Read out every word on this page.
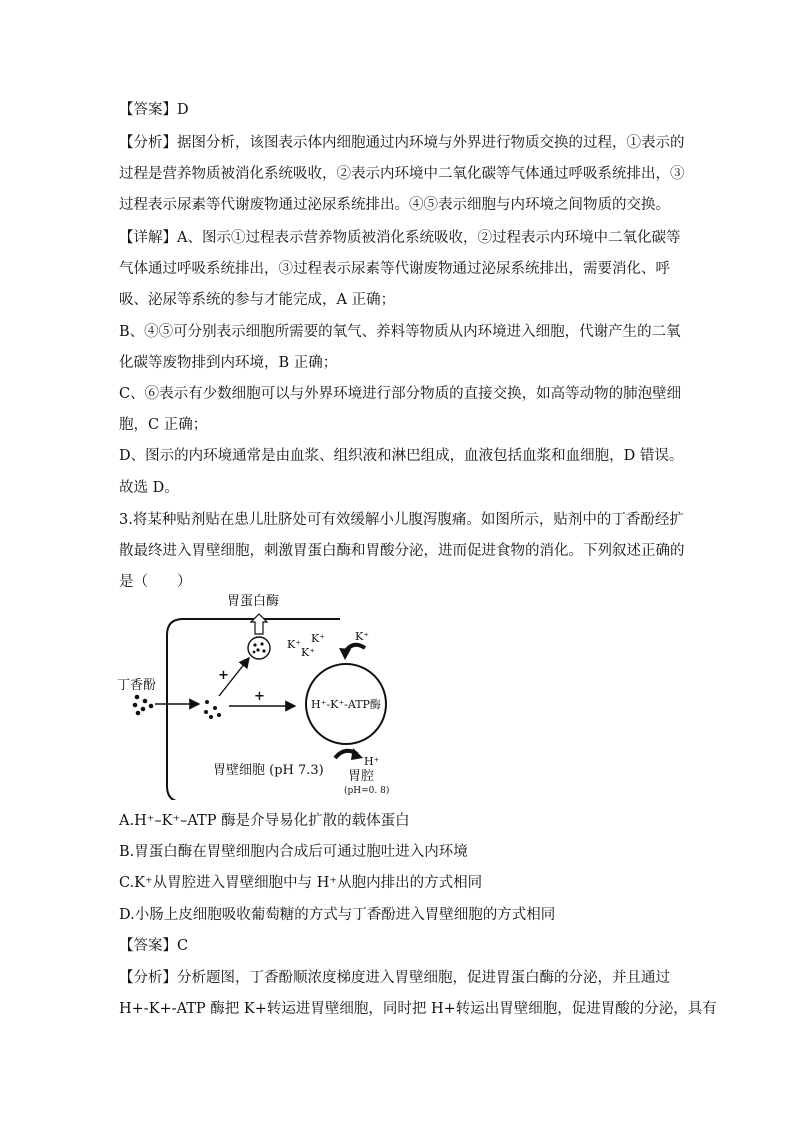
【答案】D
【分析】据图分析，该图表示体内细胞通过内环境与外界进行物质交换的过程，①表示的
过程是营养物质被消化系统吸收，②表示内环境中二氧化碳等气体通过呼吸系统排出，③
过程表示尿素等代谢废物通过泌尿系统排出。④⑤表示细胞与内环境之间物质的交换。
【详解】A、图示①过程表示营养物质被消化系统吸收，②过程表示内环境中二氧化碳等
气体通过呼吸系统排出，③过程表示尿素等代谢废物通过泌尿系统排出，需要消化、呼
吸、泌尿等系统的参与才能完成，A 正确；
B、④⑤可分别表示细胞所需要的氧气、养料等物质从内环境进入细胞，代谢产生的二氧
化碳等废物排到内环境，B 正确；
C、⑥表示有少数细胞可以与外界环境进行部分物质的直接交换，如高等动物的肺泡壁细
胞，C 正确；
D、图示的内环境通常是由血浆、组织液和淋巴组成，血液包括血浆和血细胞，D 错误。
故选 D。
3.将某种贴剂贴在患儿肚脐处可有效缓解小儿腹泻腹痛。如图所示，贴剂中的丁香酚经扩
散最终进入胃壁细胞，刺激胃蛋白酶和胃酸分泌，进而促进食物的消化。下列叙述正确的
是（　　）
胃蛋白酶
丁香酚
+
+
H⁺-K⁺-ATP酶
K⁺
K⁺ K⁺
K⁺
H⁺
胃壁细胞 (pH 7.3) 胃腔
(pH=0. 8)
A.H⁺–K⁺–ATP 酶是介导易化扩散的载体蛋白
B.胃蛋白酶在胃壁细胞内合成后可通过胞吐进入内环境
C.K⁺从胃腔进入胃壁细胞中与 H⁺从胞内排出的方式相同
D.小肠上皮细胞吸收葡萄糖的方式与丁香酚进入胃壁细胞的方式相同
【答案】C
【分析】分析题图，丁香酚顺浓度梯度进入胃壁细胞，促进胃蛋白酶的分泌，并且通过
H+-K+-ATP 酶把 K+转运进胃壁细胞，同时把 H+转运出胃壁细胞，促进胃酸的分泌，具有
